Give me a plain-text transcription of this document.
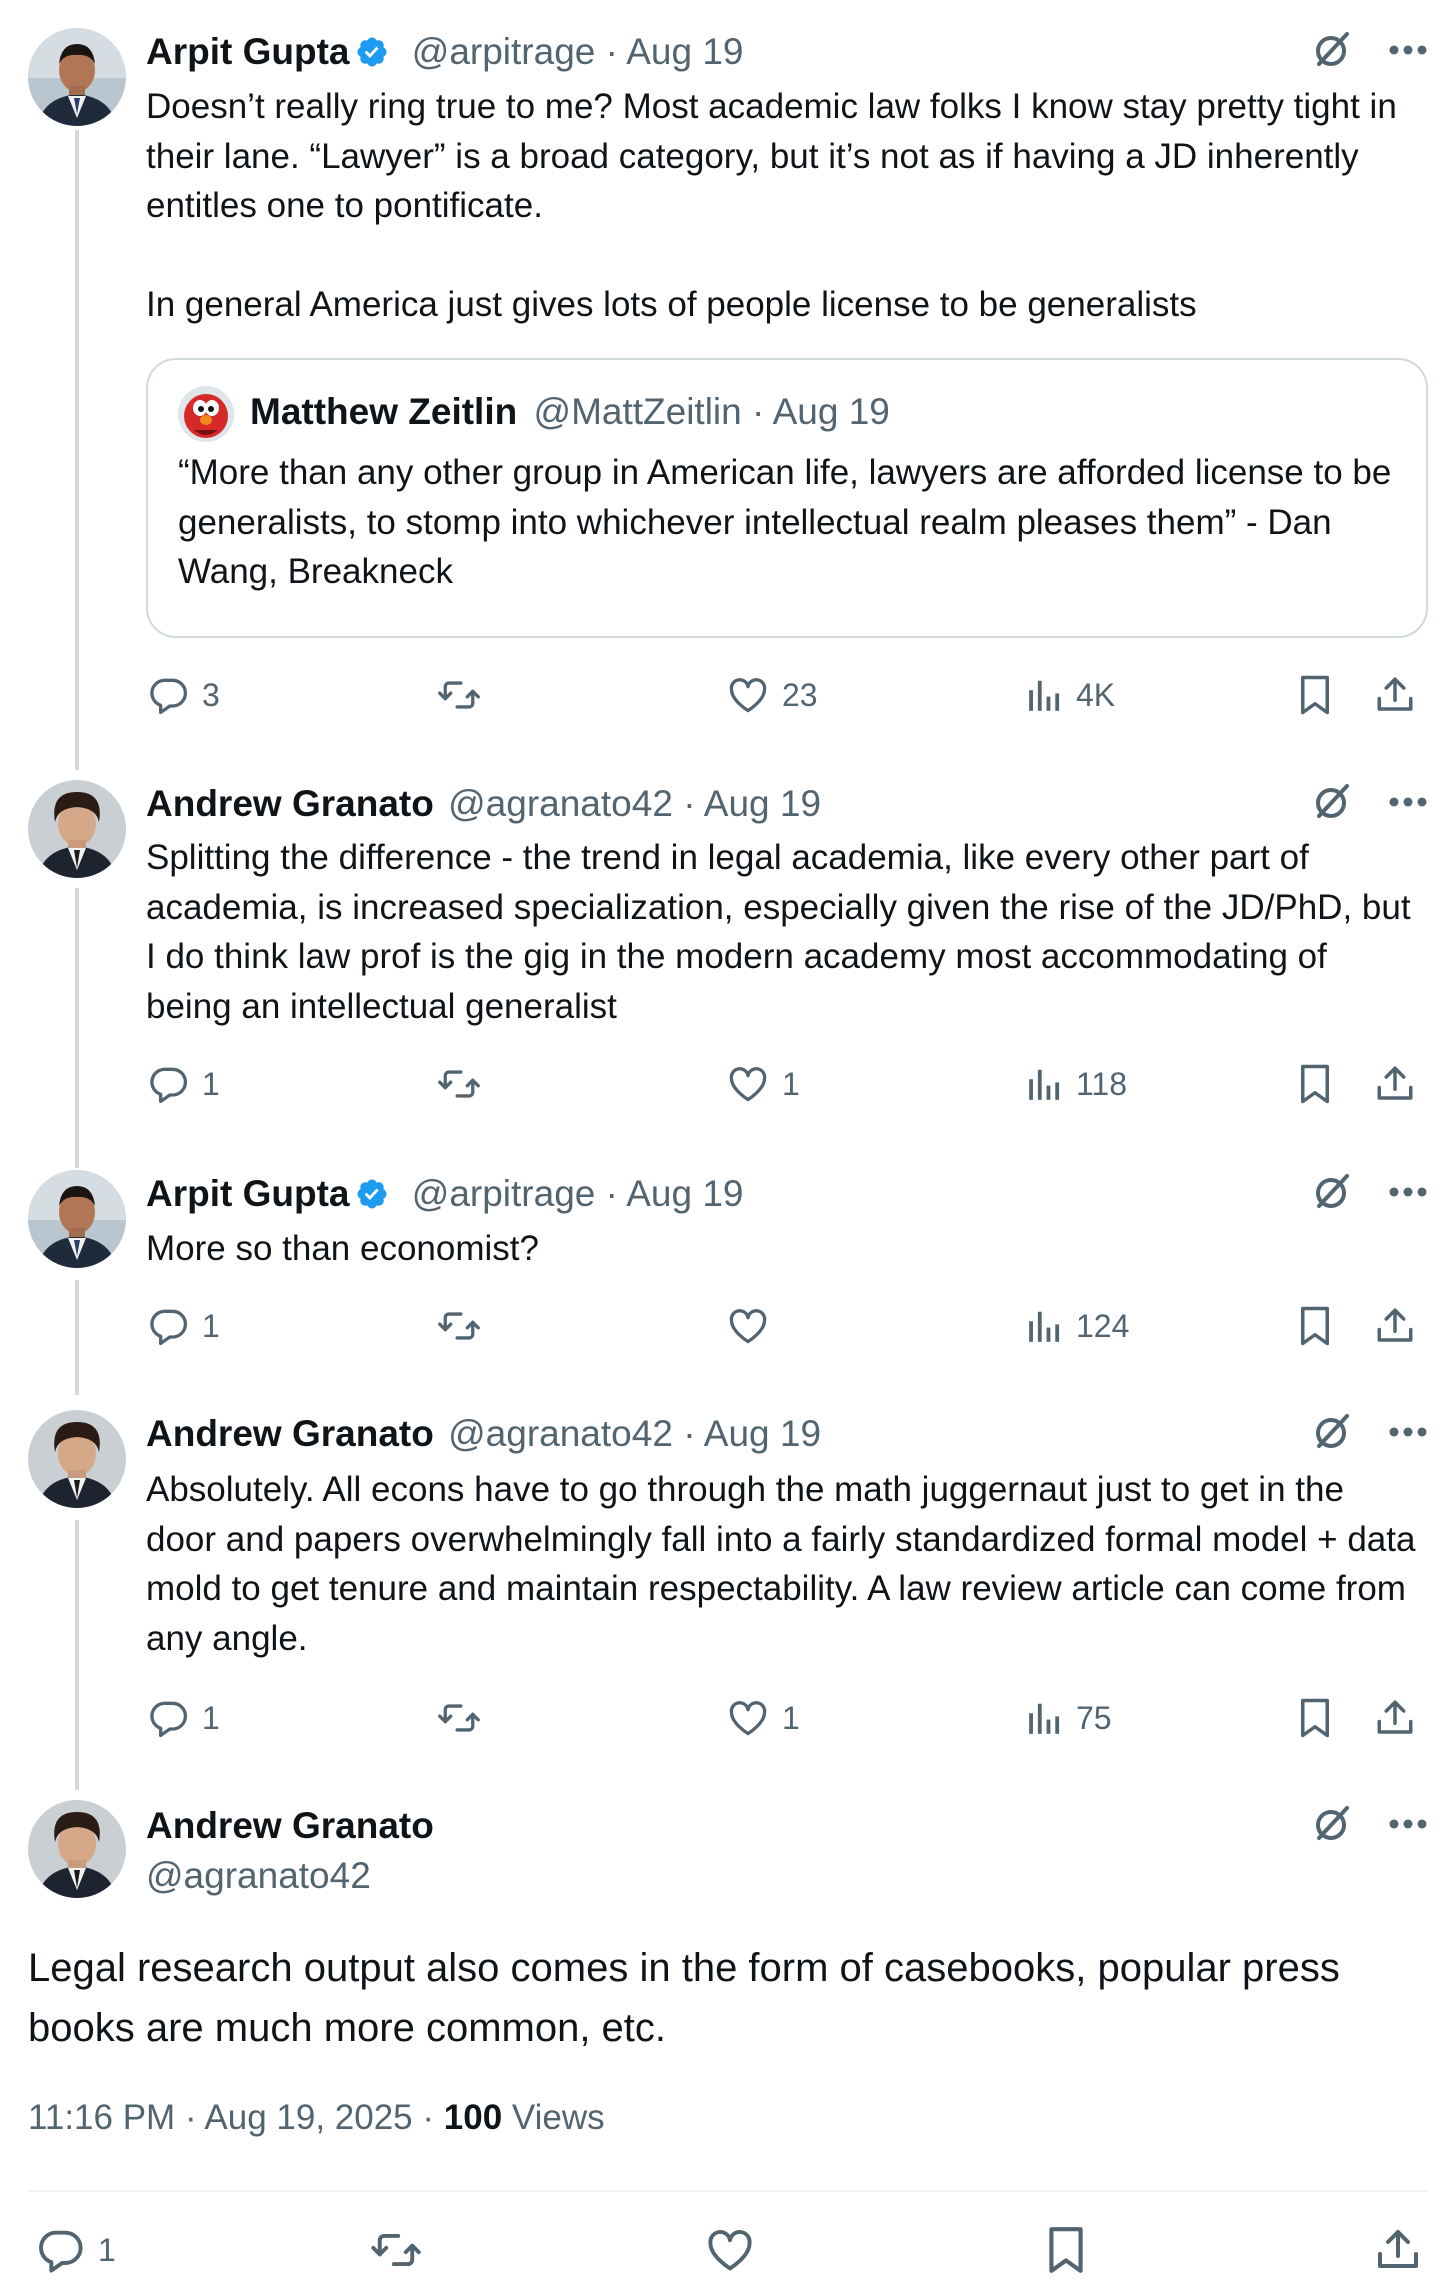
Arpit Gupta @arpitrage · Aug 19
Doesn’t really ring true to me? Most academic law folks I know stay pretty tight in their lane. “Lawyer” is a broad category, but it’s not as if having a JD inherently entitles one to pontificate.

In general America just gives lots of people license to be generalists
Matthew Zeitlin @MattZeitlin · Aug 19
“More than any other group in American life, lawyers are afforded license to be generalists, to stomp into whichever intellectual realm pleases them” - Dan Wang, Breakneck
3	23	4K
Andrew Granato @agranato42 · Aug 19
Splitting the difference - the trend in legal academia, like every other part of academia, is increased specialization, especially given the rise of the JD/PhD, but I do think law prof is the gig in the modern academy most accommodating of being an intellectual generalist
1	1	118
Arpit Gupta @arpitrage · Aug 19
More so than economist?
1	124
Andrew Granato @agranato42 · Aug 19
Absolutely. All econs have to go through the math juggernaut just to get in the door and papers overwhelmingly fall into a fairly standardized formal model + data mold to get tenure and maintain respectability. A law review article can come from any angle.
1	1	75
Andrew Granato
@agranato42
Legal research output also comes in the form of casebooks, popular press books are much more common, etc.
11:16 PM · Aug 19, 2025 · 100 Views
1
